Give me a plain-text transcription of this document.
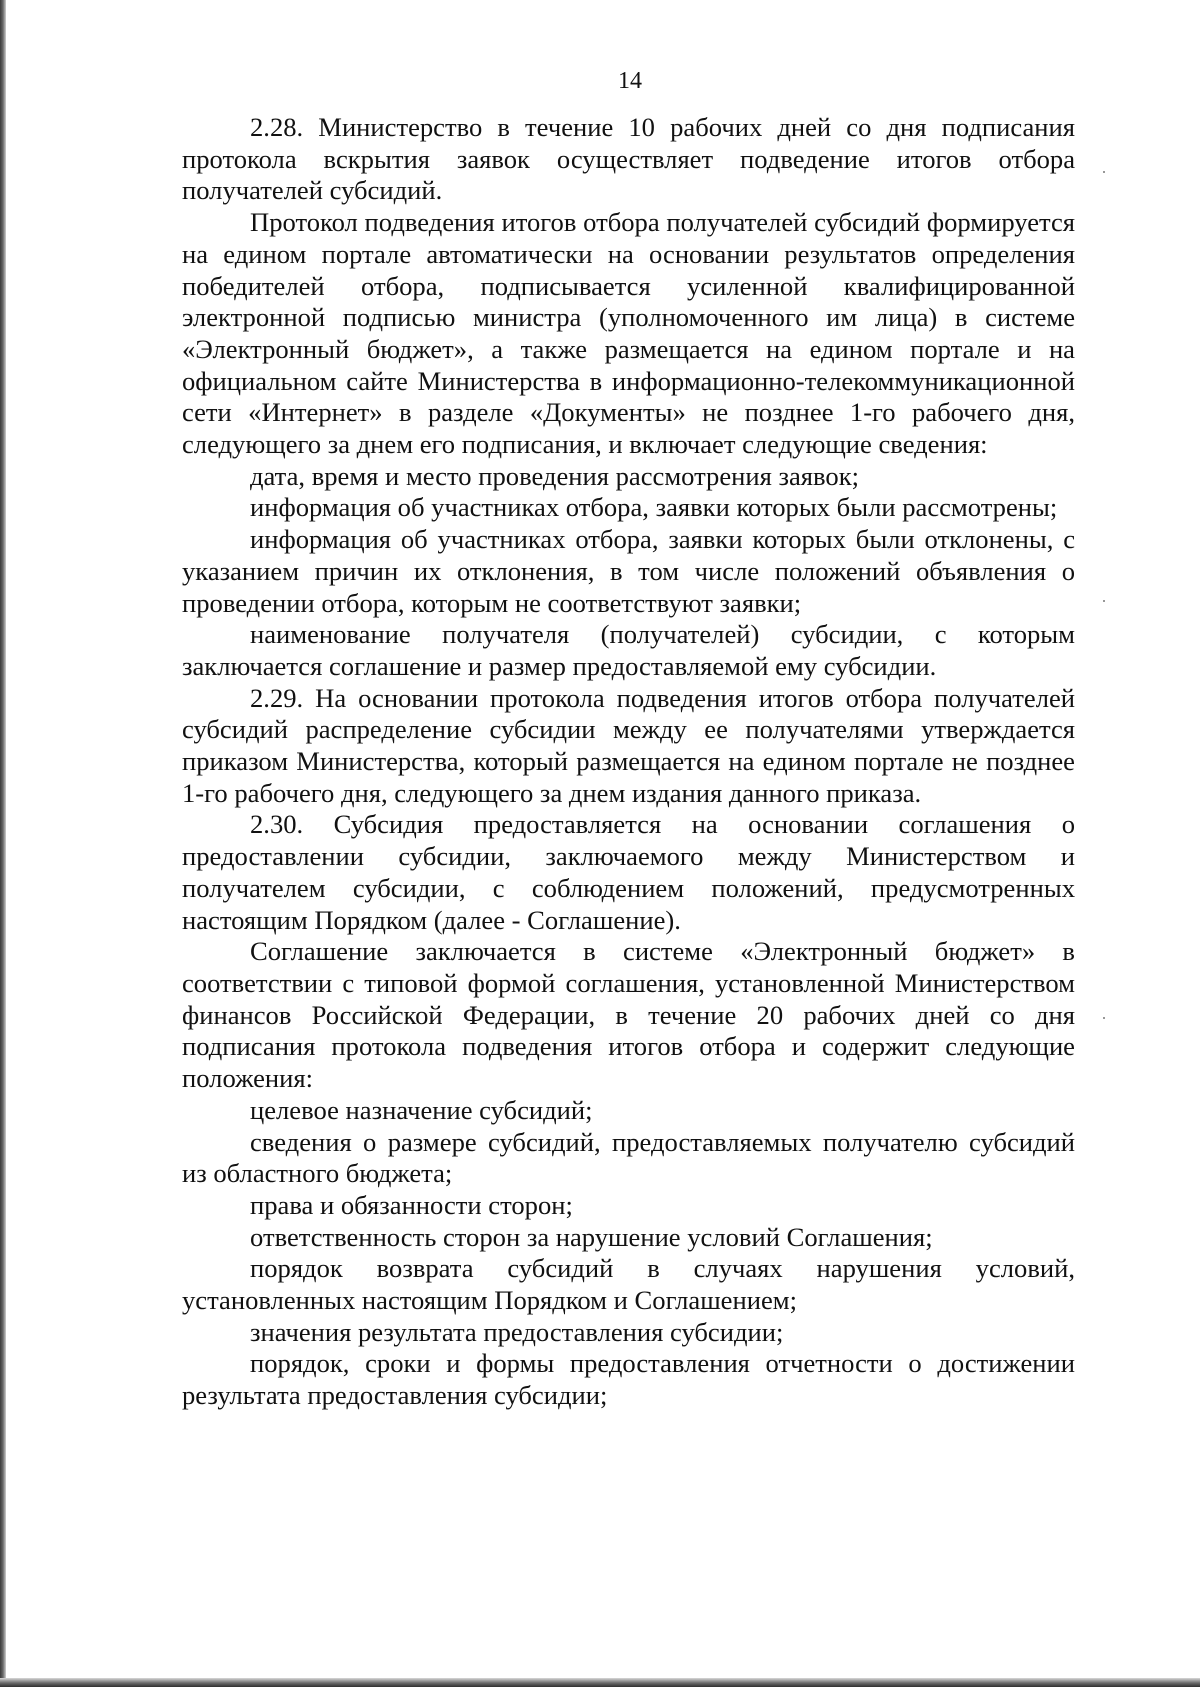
14

2.28. Министерство в течение 10 рабочих дней со дня подписания протокола вскрытия заявок осуществляет подведение итогов отбора получателей субсидий.

Протокол подведения итогов отбора получателей субсидий формируется на едином портале автоматически на основании результатов определения победителей отбора, подписывается усиленной квалифицированной электронной подписью министра (уполномоченного им лица) в системе «Электронный бюджет», а также размещается на едином портале и на официальном сайте Министерства в информационно-телекоммуникационной сети «Интернет» в разделе «Документы» не позднее 1-го рабочего дня, следующего за днем его подписания, и включает следующие сведения:

дата, время и место проведения рассмотрения заявок;

информация об участниках отбора, заявки которых были рассмотрены;

информация об участниках отбора, заявки которых были отклонены, с указанием причин их отклонения, в том числе положений объявления о проведении отбора, которым не соответствуют заявки;

наименование получателя (получателей) субсидии, с которым заключается соглашение и размер предоставляемой ему субсидии.

2.29. На основании протокола подведения итогов отбора получателей субсидий распределение субсидии между ее получателями утверждается приказом Министерства, который размещается на едином портале не позднее 1-го рабочего дня, следующего за днем издания данного приказа.

2.30. Субсидия предоставляется на основании соглашения о предоставлении субсидии, заключаемого между Министерством и получателем субсидии, с соблюдением положений, предусмотренных настоящим Порядком (далее - Соглашение).

Соглашение заключается в системе «Электронный бюджет» в соответствии с типовой формой соглашения, установленной Министерством финансов Российской Федерации, в течение 20 рабочих дней со дня подписания протокола подведения итогов отбора и содержит следующие положения:

целевое назначение субсидий;

сведения о размере субсидий, предоставляемых получателю субсидий из областного бюджета;

права и обязанности сторон;

ответственность сторон за нарушение условий Соглашения;

порядок возврата субсидий в случаях нарушения условий, установленных настоящим Порядком и Соглашением;

значения результата предоставления субсидии;

порядок, сроки и формы предоставления отчетности о достижении результата предоставления субсидии;
